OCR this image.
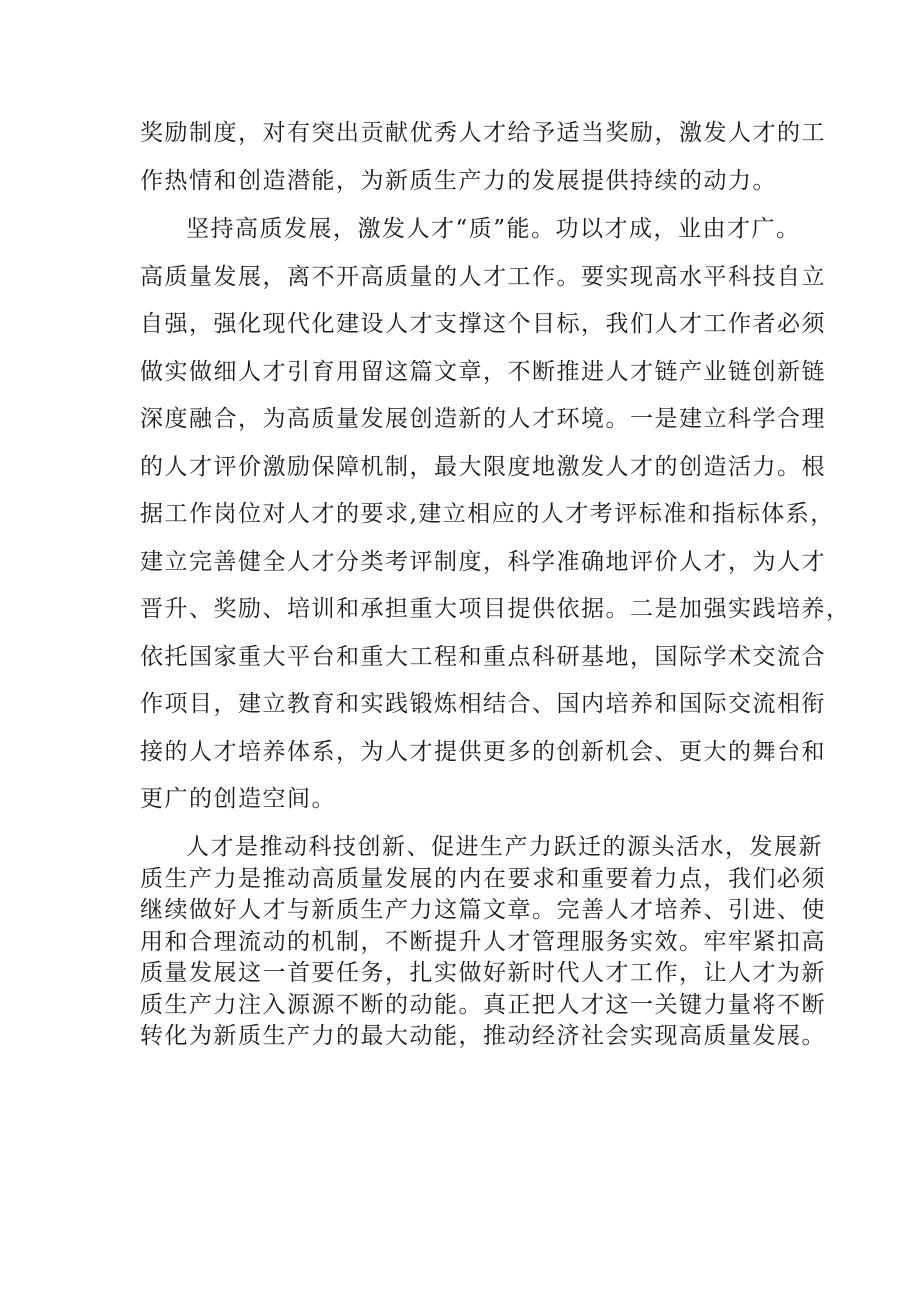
奖励制度，对有突出贡献优秀人才给予适当奖励，激发人才的工
作热情和创造潜能，为新质生产力的发展提供持续的动力。

坚持高质发展，激发人才“质”能。功以才成，业由才广。
高质量发展，离不开高质量的人才工作。要实现高水平科技自立
自强，强化现代化建设人才支撑这个目标，我们人才工作者必须
做实做细人才引育用留这篇文章，不断推进人才链产业链创新链
深度融合，为高质量发展创造新的人才环境。一是建立科学合理
的人才评价激励保障机制，最大限度地激发人才的创造活力。根
据工作岗位对人才的要求,建立相应的人才考评标准和指标体系，
建立完善健全人才分类考评制度，科学准确地评价人才，为人才
晋升、奖励、培训和承担重大项目提供依据。二是加强实践培养，
依托国家重大平台和重大工程和重点科研基地，国际学术交流合
作项目，建立教育和实践锻炼相结合、国内培养和国际交流相衔
接的人才培养体系，为人才提供更多的创新机会、更大的舞台和
更广的创造空间。

人才是推动科技创新、促进生产力跃迁的源头活水，发展新
质生产力是推动高质量发展的内在要求和重要着力点，我们必须
继续做好人才与新质生产力这篇文章。完善人才培养、引进、使
用和合理流动的机制，不断提升人才管理服务实效。牢牢紧扣高
质量发展这一首要任务，扎实做好新时代人才工作，让人才为新
质生产力注入源源不断的动能。真正把人才这一关键力量将不断
转化为新质生产力的最大动能，推动经济社会实现高质量发展。
